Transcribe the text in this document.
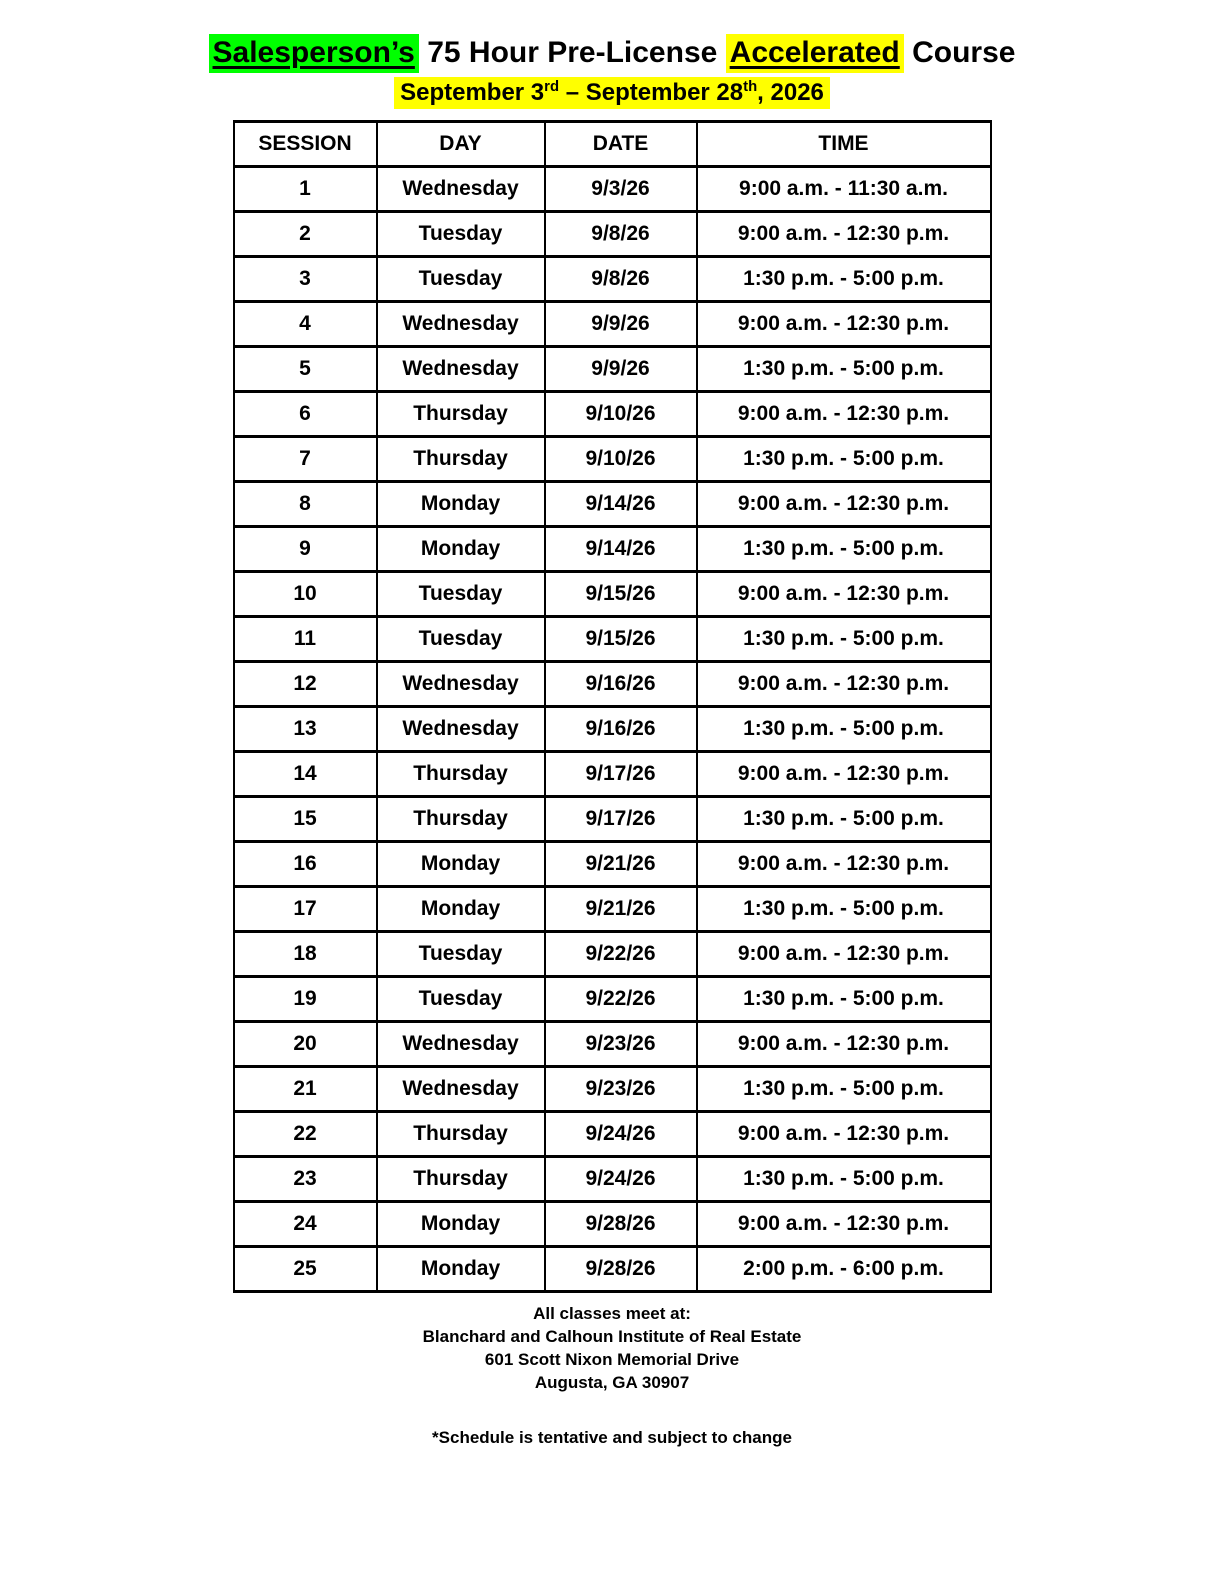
Salesperson’s 75 Hour Pre-License Accelerated Course
September 3rd – September 28th, 2026
SESSION	DAY	DATE	TIME
1	Wednesday	9/3/26	9:00 a.m. - 11:30 a.m.
2	Tuesday	9/8/26	9:00 a.m. - 12:30 p.m.
3	Tuesday	9/8/26	1:30 p.m. - 5:00 p.m.
4	Wednesday	9/9/26	9:00 a.m. - 12:30 p.m.
5	Wednesday	9/9/26	1:30 p.m. - 5:00 p.m.
6	Thursday	9/10/26	9:00 a.m. - 12:30 p.m.
7	Thursday	9/10/26	1:30 p.m. - 5:00 p.m.
8	Monday	9/14/26	9:00 a.m. - 12:30 p.m.
9	Monday	9/14/26	1:30 p.m. - 5:00 p.m.
10	Tuesday	9/15/26	9:00 a.m. - 12:30 p.m.
11	Tuesday	9/15/26	1:30 p.m. - 5:00 p.m.
12	Wednesday	9/16/26	9:00 a.m. - 12:30 p.m.
13	Wednesday	9/16/26	1:30 p.m. - 5:00 p.m.
14	Thursday	9/17/26	9:00 a.m. - 12:30 p.m.
15	Thursday	9/17/26	1:30 p.m. - 5:00 p.m.
16	Monday	9/21/26	9:00 a.m. - 12:30 p.m.
17	Monday	9/21/26	1:30 p.m. - 5:00 p.m.
18	Tuesday	9/22/26	9:00 a.m. - 12:30 p.m.
19	Tuesday	9/22/26	1:30 p.m. - 5:00 p.m.
20	Wednesday	9/23/26	9:00 a.m. - 12:30 p.m.
21	Wednesday	9/23/26	1:30 p.m. - 5:00 p.m.
22	Thursday	9/24/26	9:00 a.m. - 12:30 p.m.
23	Thursday	9/24/26	1:30 p.m. - 5:00 p.m.
24	Monday	9/28/26	9:00 a.m. - 12:30 p.m.
25	Monday	9/28/26	2:00 p.m. - 6:00 p.m.
All classes meet at:
Blanchard and Calhoun Institute of Real Estate
601 Scott Nixon Memorial Drive
Augusta, GA 30907
*Schedule is tentative and subject to change
